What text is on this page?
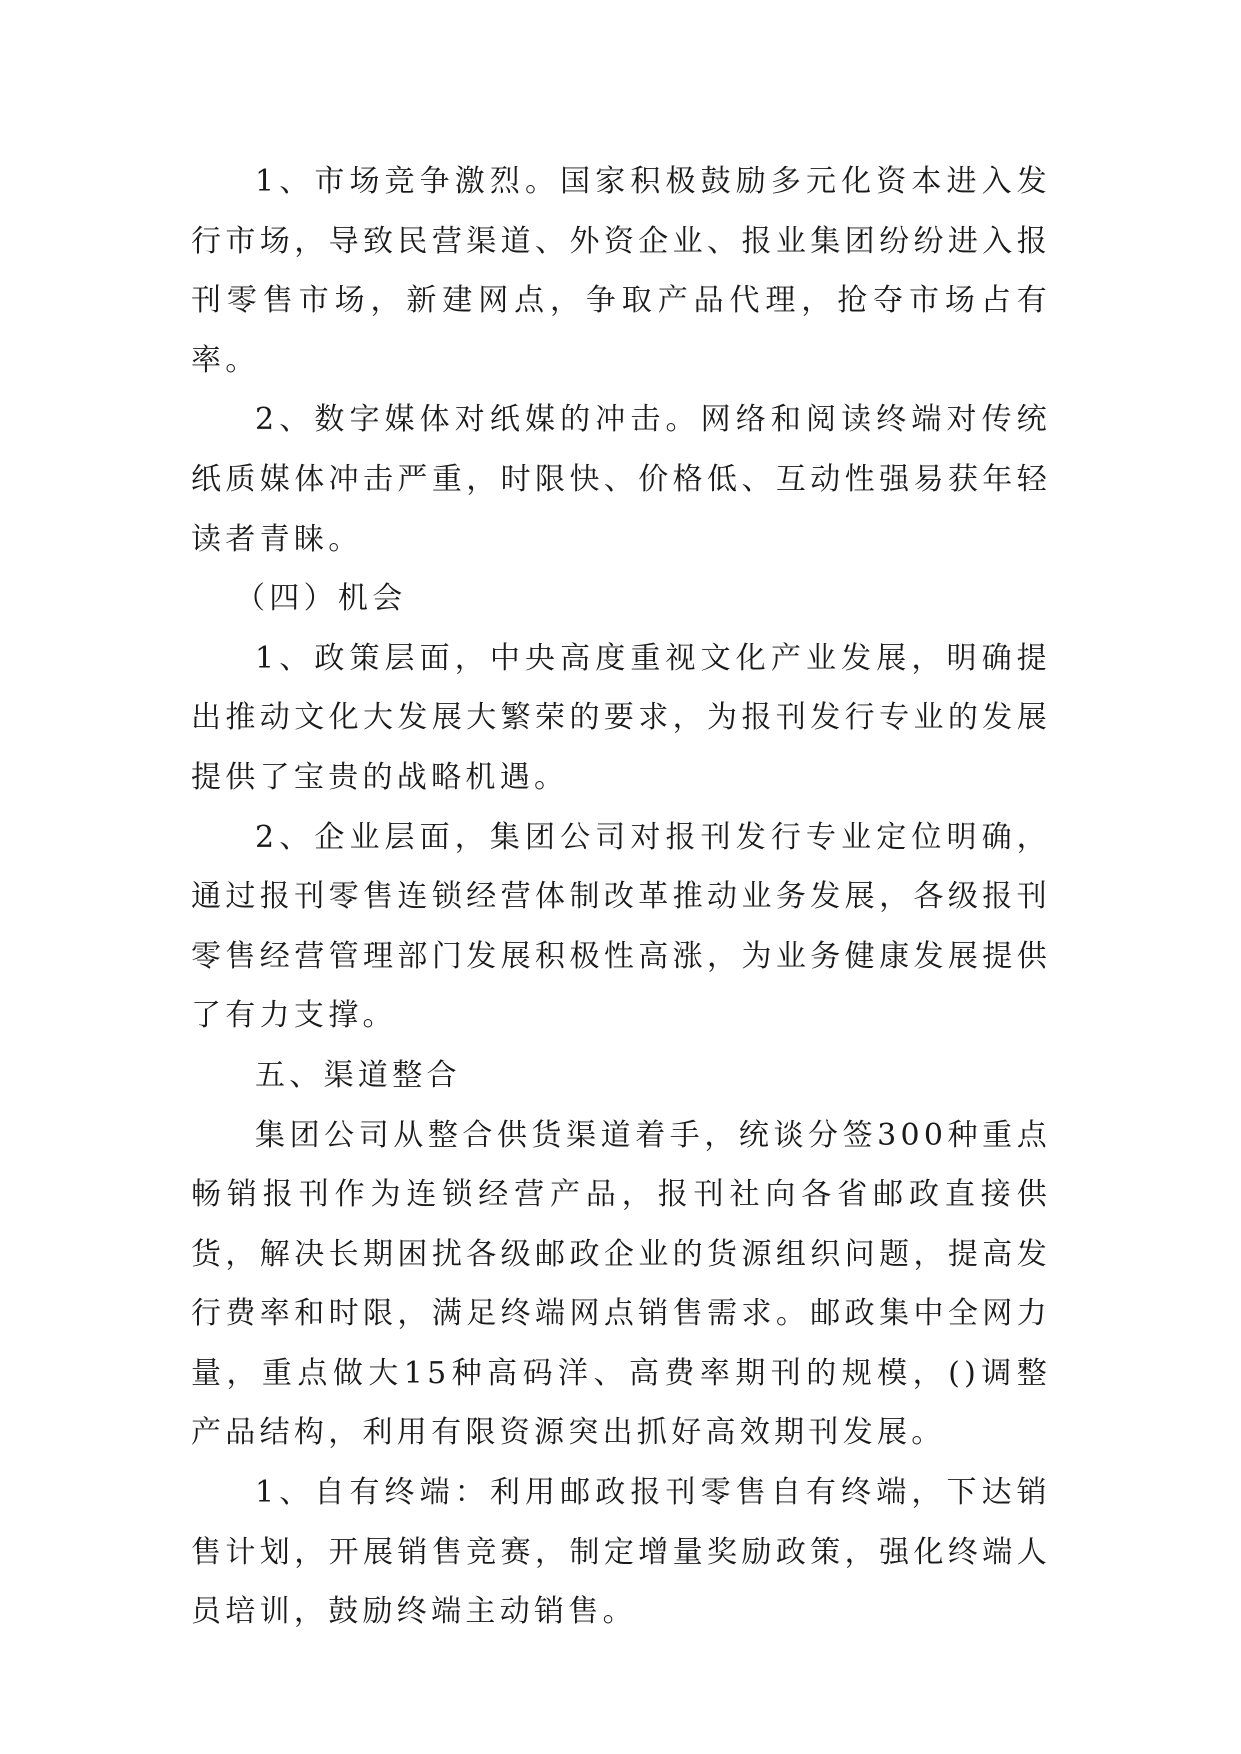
1、市场竞争激烈。国家积极鼓励多元化资本进入发行市场，导致民营渠道、外资企业、报业集团纷纷进入报刊零售市场，新建网点，争取产品代理，抢夺市场占有率。

2、数字媒体对纸媒的冲击。网络和阅读终端对传统纸质媒体冲击严重，时限快、价格低、互动性强易获年轻读者青睐。

（四）机会

1、政策层面，中央高度重视文化产业发展，明确提出推动文化大发展大繁荣的要求，为报刊发行专业的发展提供了宝贵的战略机遇。

2、企业层面，集团公司对报刊发行专业定位明确，通过报刊零售连锁经营体制改革推动业务发展，各级报刊零售经营管理部门发展积极性高涨，为业务健康发展提供了有力支撑。

五、渠道整合

集团公司从整合供货渠道着手，统谈分签300种重点畅销报刊作为连锁经营产品，报刊社向各省邮政直接供货，解决长期困扰各级邮政企业的货源组织问题，提高发行费率和时限，满足终端网点销售需求。邮政集中全网力量，重点做大15种高码洋、高费率期刊的规模，()调整产品结构，利用有限资源突出抓好高效期刊发展。

1、自有终端：利用邮政报刊零售自有终端，下达销售计划，开展销售竞赛，制定增量奖励政策，强化终端人员培训，鼓励终端主动销售。
